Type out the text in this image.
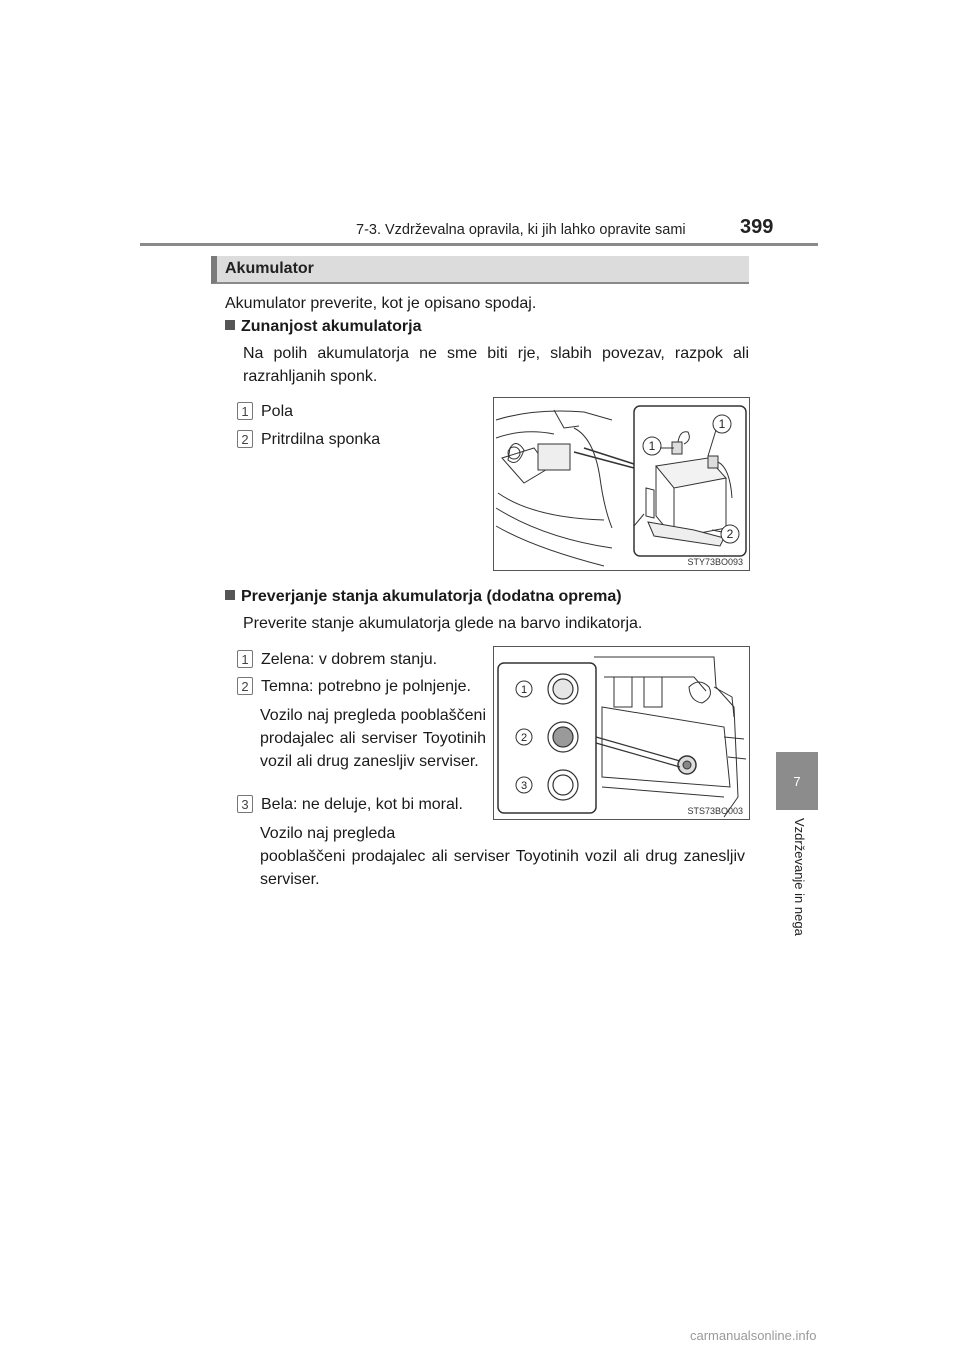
7-3. Vzdrževalna opravila, ki jih lahko opravite sami	399
7
Vzdrževanje in nega
Akumulator
Akumulator preverite, kot je opisano spodaj.
Zunanjost akumulatorja
Na polih akumulatorja ne sme biti rje, slabih povezav, razpok ali razrahljanih sponk.
1 Pola
2 Pritrdilna sponka
1
1
2
STY73BO093
Preverjanje stanja akumulatorja (dodatna oprema)
Preverite stanje akumulatorja glede na barvo indikatorja.
1 Zelena: v dobrem stanju.
2 Temna: potrebno je polnjenje.
Vozilo naj pregleda pooblaščeni prodajalec ali serviser Toyotinih vozil ali drug zanesljiv serviser.
3 Bela: ne deluje, kot bi moral.
Vozilo naj pregleda
pooblaščeni prodajalec ali serviser Toyotinih vozil ali drug zanesljiv serviser.
1
2
3
STS73BO003
carmanualsonline.info
